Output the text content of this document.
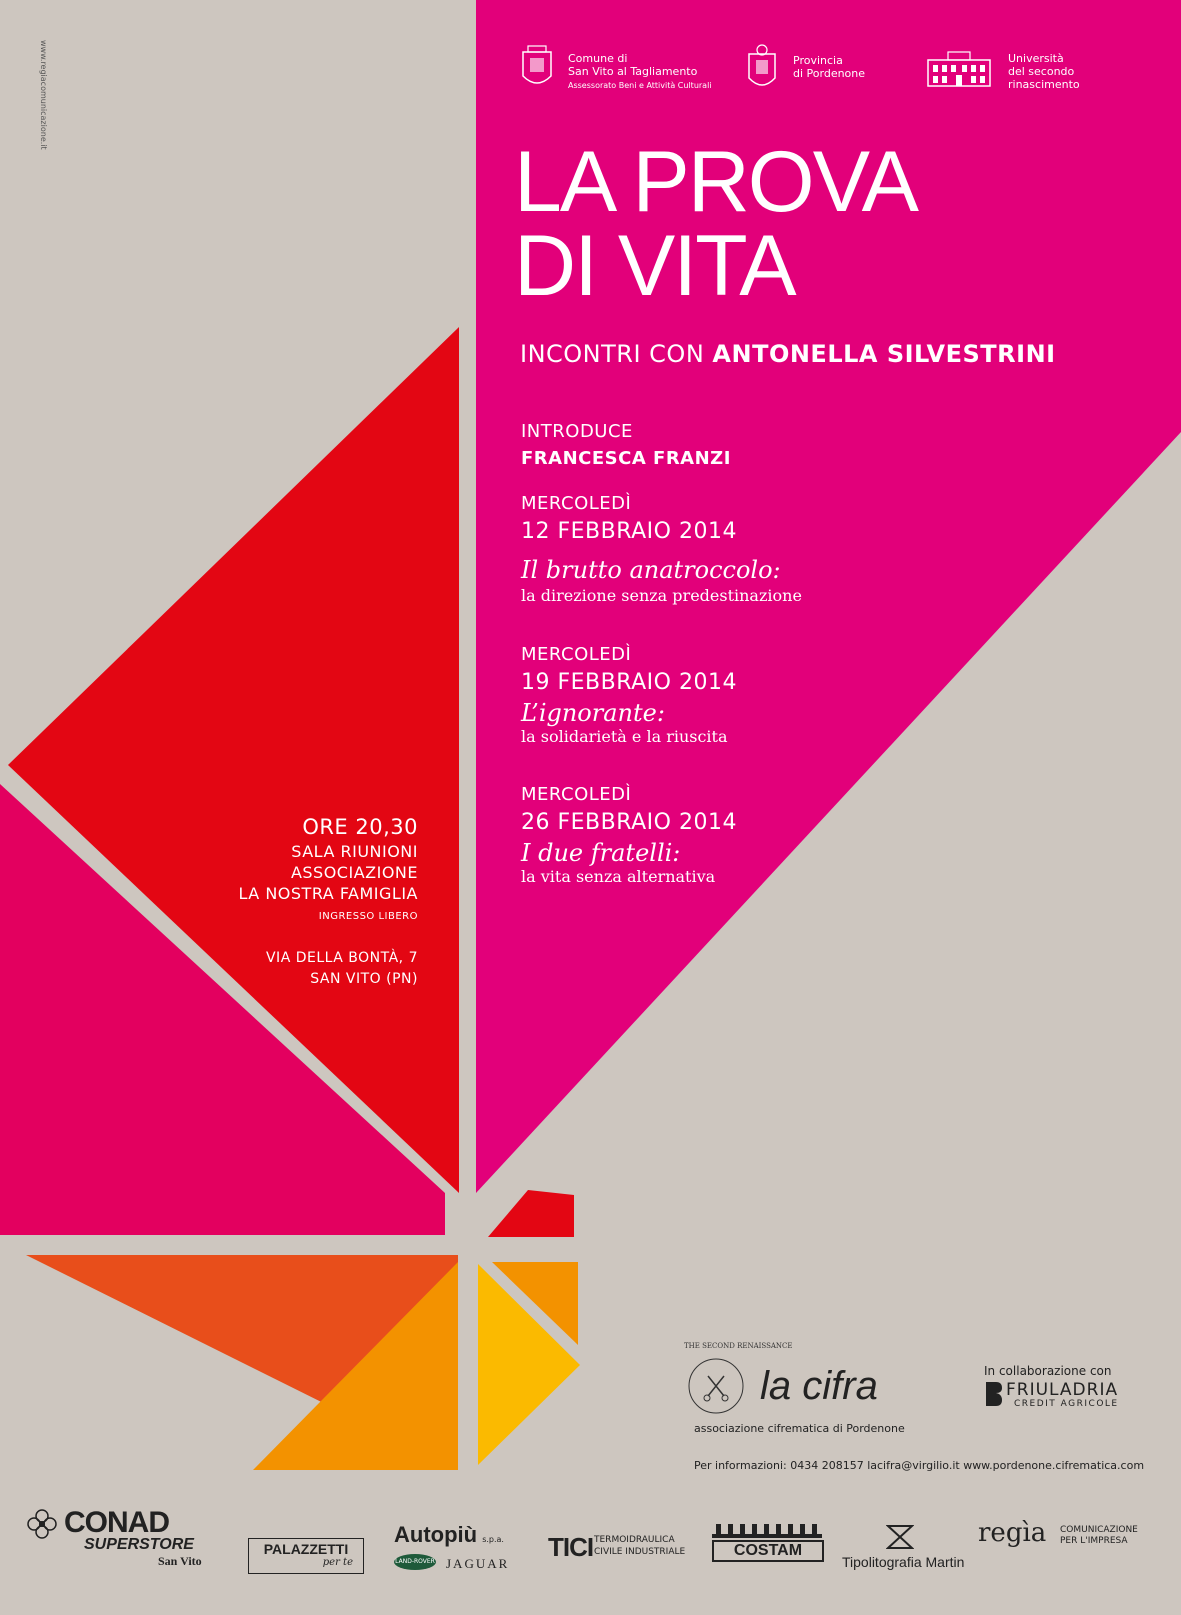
www.regiacomunicazione.it	Comune di
San Vito al Tagliamento
Assessorato Beni e Attività Culturali
Provincia
di Pordenone
Università
del secondo
rinascimento
LA PROVA
DI VITA
INCONTRI CON ANTONELLA SILVESTRINI
INTRODUCE
FRANCESCA FRANZI
MERCOLEDÌ
12 FEBBRAIO 2014
Il brutto anatroccolo:
la direzione senza predestinazione
MERCOLEDÌ
19 FEBBRAIO 2014
L’ignorante:
la solidarietà e la riuscita
MERCOLEDÌ
26 FEBBRAIO 2014
I due fratelli:
la vita senza alternativa
ORE 20,30
SALA RIUNIONI
ASSOCIAZIONE
LA NOSTRA FAMIGLIA
INGRESSO LIBERO
VIA DELLA BONTÀ, 7
SAN VITO (PN)
THE SECOND RENAISSANCE
la cifra
associazione cifrematica di Pordenone
In collaborazione con
FRIULADRIA
CREDIT AGRICOLE
Per informazioni: 0434 208157 lacifra@virgilio.it www.pordenone.cifrematica.com
CONAD
SUPERSTORE
San Vito
PALAZZETTI
per te
Autopiù s.p.a.
LAND-ROVER JAGUAR
TICI TERMOIDRAULICA
CIVILE INDUSTRIALE	COSTAM
Tipolitografia Martin
regìa COMUNICAZIONE
PER L'IMPRESA
